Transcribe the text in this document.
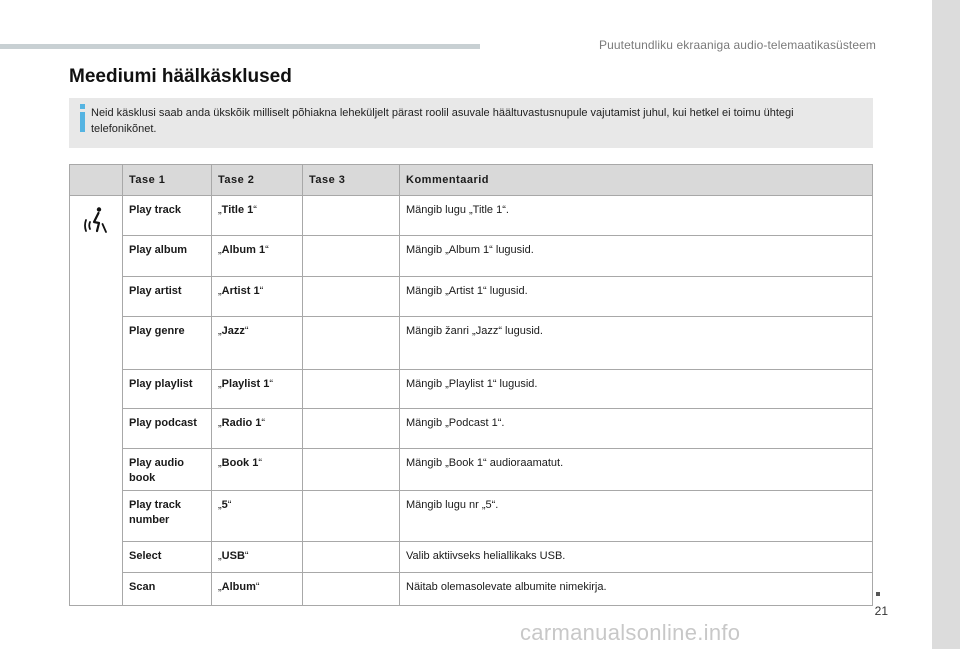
Puutetundliku ekraaniga audio-telemaatikasüsteem
Meediumi häälkäsklused
Neid käsklusi saab anda ükskõik milliselt põhiakna leheküljelt pärast roolil asuvale häältuvastusnupule vajutamist juhul, kui hetkel ei toimu ühtegi telefonikõnet.
	Tase 1	Tase 2	Tase 3	Kommentaarid
	Play track	„Title 1“		Mängib lugu „Title 1“.
	Play album	„Album 1“		Mängib „Album 1“ lugusid.
	Play artist	„Artist 1“		Mängib „Artist 1“ lugusid.
	Play genre	„Jazz“		Mängib žanri „Jazz“ lugusid.
	Play playlist	„Playlist 1“		Mängib „Playlist 1“ lugusid.
	Play podcast	„Radio 1“		Mängib „Podcast 1“.
	Play audio book	„Book 1“		Mängib „Book 1“ audioraamatut.
	Play track number	„5“		Mängib lugu nr „5“.
	Select	„USB“		Valib aktiivseks heliallikaks USB.
	Scan	„Album“		Näitab olemasolevate albumite nimekirja.
21
carmanualsonline.info
